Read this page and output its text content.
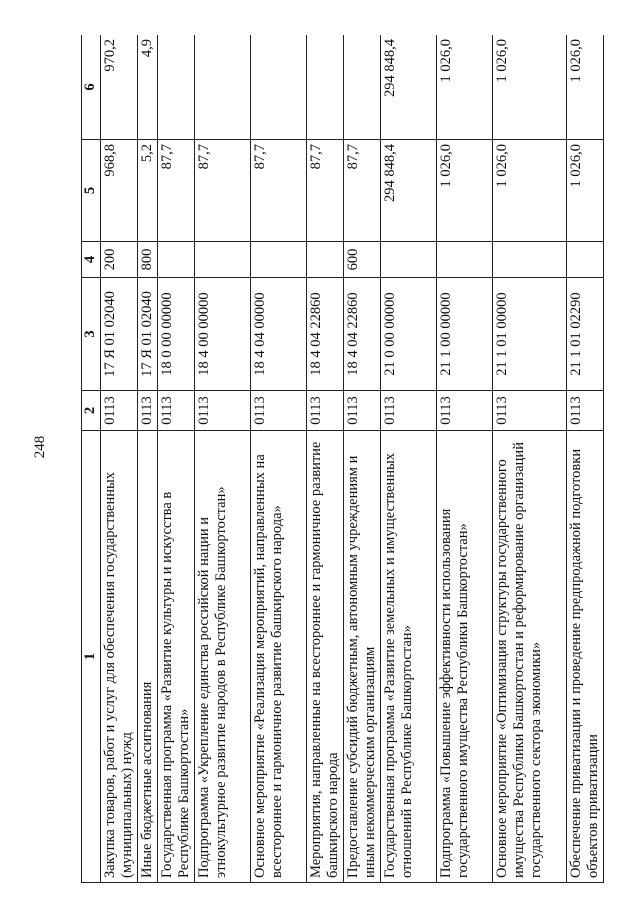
248
1	2	3	4	5	6
Закупка товаров, работ и услуг для обеспечения государственных (муниципальных) нужд	0113	17 Я 01 02040	200	968,8	970,2
Иные бюджетные ассигнования	0113	17 Я 01 02040	800	5,2	4,9
Государственная программа «Развитие культуры и искусства в Республике Башкортостан»	0113	18 0 00 00000		87,7	
Подпрограмма «Укрепление единства российской нации и этнокультурное развитие народов в Республике Башкортостан»	0113	18 4 00 00000		87,7	
Основное мероприятие «Реализация мероприятий, направленных на всестороннее и гармоничное развитие башкирского народа»	0113	18 4 04 00000		87,7	
Мероприятия, направленные на всестороннее и гармоничное развитие башкирского народа	0113	18 4 04 22860		87,7	
Предоставление субсидий бюджетным, автономным учреждениям и иным некоммерческим организациям	0113	18 4 04 22860	600	87,7	
Государственная программа «Развитие земельных и имущественных отношений в Республике Башкортостан»	0113	21 0 00 00000		294 848,4	294 848,4
Подпрограмма «Повышение эффективности использования государственного имущества Республики Башкортостан»	0113	21 1 00 00000		1 026,0	1 026,0
Основное мероприятие «Оптимизация структуры государственного имущества Республики Башкортостан и реформирование организаций государственного сектора экономики»	0113	21 1 01 00000		1 026,0	1 026,0
Обеспечение приватизации и проведение предпродажной подготовки объектов приватизации	0113	21 1 01 02290		1 026,0	1 026,0
